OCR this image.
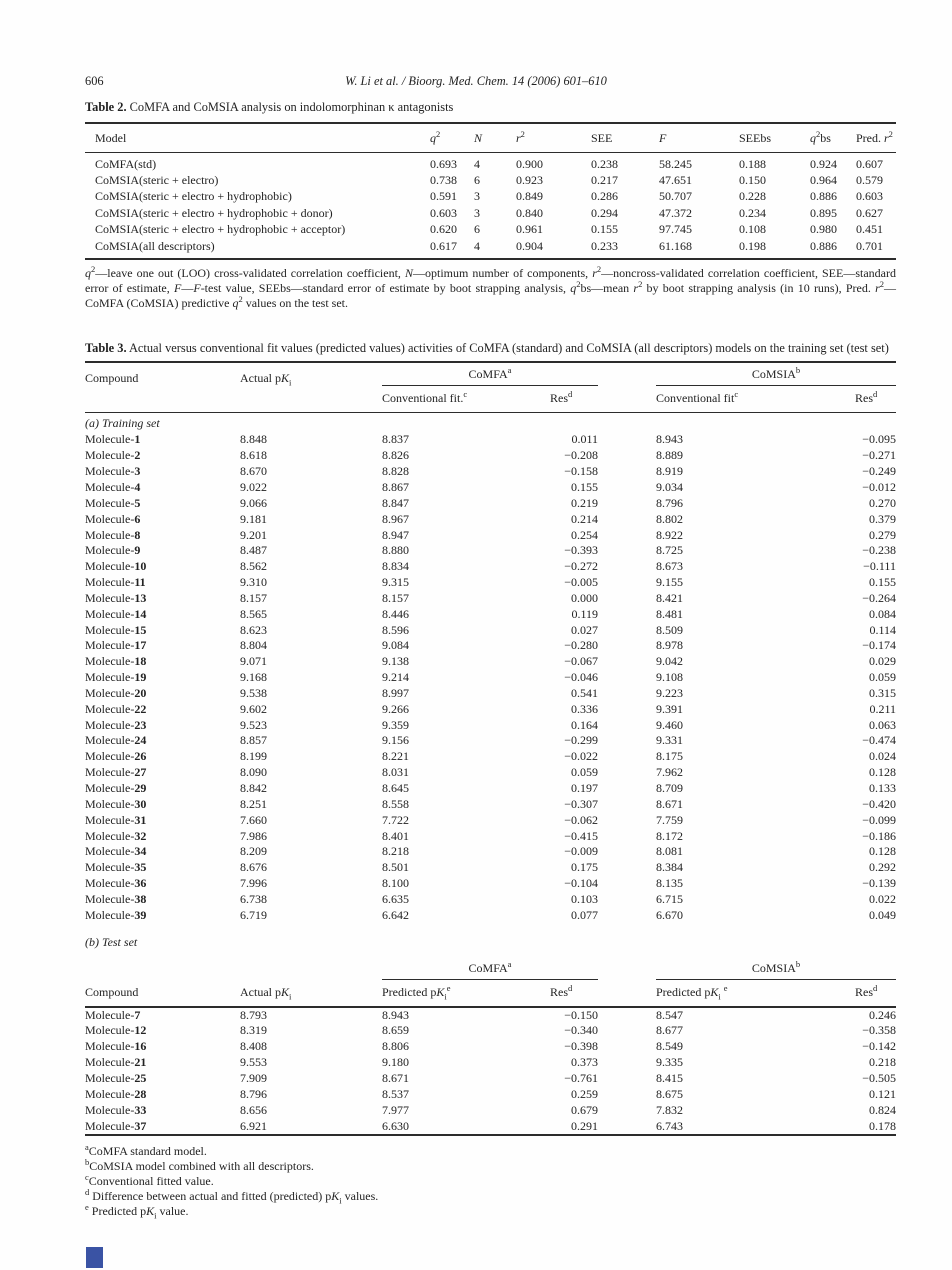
606	W. Li et al. / Bioorg. Med. Chem. 14 (2006) 601–610

Table 2. CoMFA and CoMSIA analysis on indolomorphinan κ antagonists

Model	$q^2$	N	$r^2$	SEE	F	SEEbs	$q^2bs$	Pred. $r^2$
CoMFA(std)	0.693	4	0.900	0.238	58.245	0.188	0.924	0.607
CoMSIA(steric + electro)	0.738	6	0.923	0.217	47.651	0.150	0.964	0.579
CoMSIA(steric + electro + hydrophobic)	0.591	3	0.849	0.286	50.707	0.228	0.886	0.603
CoMSIA(steric + electro + hydrophobic + donor)	0.603	3	0.840	0.294	47.372	0.234	0.895	0.627
CoMSIA(steric + electro + hydrophobic + acceptor)	0.620	6	0.961	0.155	97.745	0.108	0.980	0.451
CoMSIA(all descriptors)	0.617	4	0.904	0.233	61.168	0.198	0.886	0.701

$q^2—leave$ one out (LOO) cross-validated correlation coefficient, N—optimum number of components, $r^2—noncross$-validated correlation coefficient, SEE—standard error of estimate, F—F-test value, SEEbs—standard error of estimate by boot strapping analysis, $q^2bs—mean$ $r^2$ by boot strapping analysis (in 10 runs), Pred. $r^2—CoMFA$ (CoMSIA) predictive $q^2$ values on the test set.

Table 3. Actual versus conventional fit values (predicted values) activities of CoMFA (standard) and CoMSIA (all descriptors) models on the training set (test set)

Compound	Actual $pK_i$	CoMFA$^a$			CoMSIA$^b$
		Conventional fit.$^c$	Res$^d$		Conventional fit$^c$	Res$^d$
(a) Training set
Molecule-1	8.848	8.837	0.011		8.943	−0.095
Molecule-2	8.618	8.826	−0.208		8.889	−0.271
Molecule-3	8.670	8.828	−0.158		8.919	−0.249
Molecule-4	9.022	8.867	0.155		9.034	−0.012
Molecule-5	9.066	8.847	0.219		8.796	0.270
Molecule-6	9.181	8.967	0.214		8.802	0.379
Molecule-8	9.201	8.947	0.254		8.922	0.279
Molecule-9	8.487	8.880	−0.393		8.725	−0.238
Molecule-10	8.562	8.834	−0.272		8.673	−0.111
Molecule-11	9.310	9.315	−0.005		9.155	0.155
Molecule-13	8.157	8.157	0.000		8.421	−0.264
Molecule-14	8.565	8.446	0.119		8.481	0.084
Molecule-15	8.623	8.596	0.027		8.509	0.114
Molecule-17	8.804	9.084	−0.280		8.978	−0.174
Molecule-18	9.071	9.138	−0.067		9.042	0.029
Molecule-19	9.168	9.214	−0.046		9.108	0.059
Molecule-20	9.538	8.997	0.541		9.223	0.315
Molecule-22	9.602	9.266	0.336		9.391	0.211
Molecule-23	9.523	9.359	0.164		9.460	0.063
Molecule-24	8.857	9.156	−0.299		9.331	−0.474
Molecule-26	8.199	8.221	−0.022		8.175	0.024
Molecule-27	8.090	8.031	0.059		7.962	0.128
Molecule-29	8.842	8.645	0.197		8.709	0.133
Molecule-30	8.251	8.558	−0.307		8.671	−0.420
Molecule-31	7.660	7.722	−0.062		7.759	−0.099
Molecule-32	7.986	8.401	−0.415		8.172	−0.186
Molecule-34	8.209	8.218	−0.009		8.081	0.128
Molecule-35	8.676	8.501	0.175		8.384	0.292
Molecule-36	7.996	8.100	−0.104		8.135	−0.139
Molecule-38	6.738	6.635	0.103		6.715	0.022
Molecule-39	6.719	6.642	0.077		6.670	0.049
(b) Test set
		CoMFA$^a$			CoMSIA$^b$
Compound	Actual $pK_i$	Predicted $pK_i^e$	Res$^d$		Predicted $pK_i$ $^e$	Res$^d$
Molecule-7	8.793	8.943	−0.150		8.547	0.246
Molecule-12	8.319	8.659	−0.340		8.677	−0.358
Molecule-16	8.408	8.806	−0.398		8.549	−0.142
Molecule-21	9.553	9.180	0.373		9.335	0.218
Molecule-25	7.909	8.671	−0.761		8.415	−0.505
Molecule-28	8.796	8.537	0.259		8.675	0.121
Molecule-33	8.656	7.977	0.679		7.832	0.824
Molecule-37	6.921	6.630	0.291		6.743	0.178

$^a$CoMFA standard model.

$^b$CoMSIA model combined with all descriptors.

$^c$Conventional fitted value.

$^d$ Difference between actual and fitted (predicted) $pK_i$ values.

$^e$ Predicted $pK_i$ value.
